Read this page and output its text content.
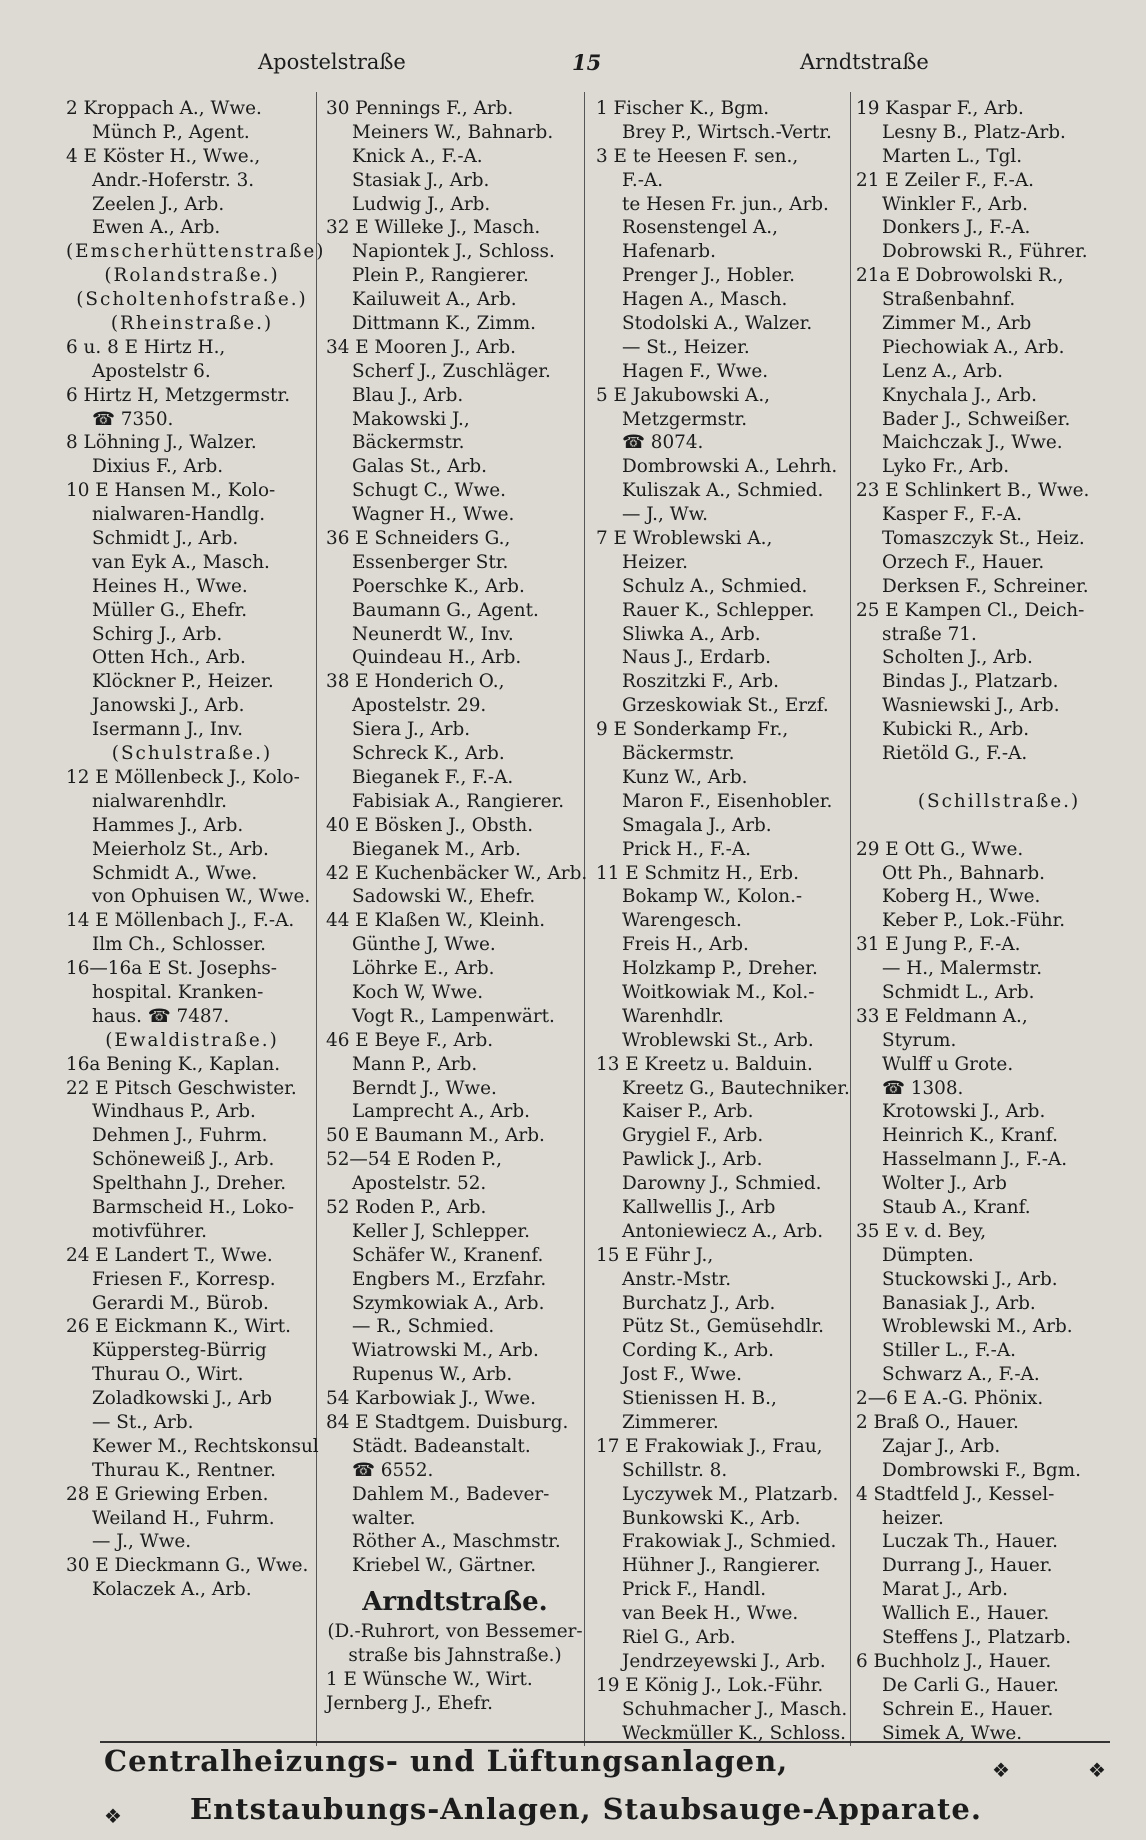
Apostelstraße	15	Arndtstraße
2 Kroppach A., Wwe.
Münch P., Agent.
4 E Köster H., Wwe.,
Andr.-Hoferstr. 3.
Zeelen J., Arb.
Ewen A., Arb.
(Emscherhüttenstraße)
(Rolandstraße.)
(Scholtenhofstraße.)
(Rheinstraße.)
6 u. 8 E Hirtz H.,
Apostelstr 6.
6 Hirtz H, Metzgermstr.
☎ 7350.
8 Löhning J., Walzer.
Dixius F., Arb.
10 E Hansen M., Kolo-
nialwaren-Handlg.
Schmidt J., Arb.
van Eyk A., Masch.
Heines H., Wwe.
Müller G., Ehefr.
Schirg J., Arb.
Otten Hch., Arb.
Klöckner P., Heizer.
Janowski J., Arb.
Isermann J., Inv.
(Schulstraße.)
12 E Möllenbeck J., Kolo-
nialwarenhdlr.
Hammes J., Arb.
Meierholz St., Arb.
Schmidt A., Wwe.
von Ophuisen W., Wwe.
14 E Möllenbach J., F.-A.
Ilm Ch., Schlosser.
16—16a E St. Josephs-
hospital. Kranken-
haus. ☎ 7487.
(Ewaldistraße.)
16a Bening K., Kaplan.
22 E Pitsch Geschwister.
Windhaus P., Arb.
Dehmen J., Fuhrm.
Schöneweiß J., Arb.
Spelthahn J., Dreher.
Barmscheid H., Loko-
motivführer.
24 E Landert T., Wwe.
Friesen F., Korresp.
Gerardi M., Bürob.
26 E Eickmann K., Wirt.
Küppersteg-Bürrig
Thurau O., Wirt.
Zoladkowski J., Arb
— St., Arb.
Kewer M., Rechtskonsul
Thurau K., Rentner.
28 E Griewing Erben.
Weiland H., Fuhrm.
— J., Wwe.
30 E Dieckmann G., Wwe.
Kolaczek A., Arb.
30 Pennings F., Arb.
Meiners W., Bahnarb.
Knick A., F.-A.
Stasiak J., Arb.
Ludwig J., Arb.
32 E Willeke J., Masch.
Napiontek J., Schloss.
Plein P., Rangierer.
Kailuweit A., Arb.
Dittmann K., Zimm.
34 E Mooren J., Arb.
Scherf J., Zuschläger.
Blau J., Arb.
Makowski J.,
Bäckermstr.
Galas St., Arb.
Schugt C., Wwe.
Wagner H., Wwe.
36 E Schneiders G.,
Essenberger Str.
Poerschke K., Arb.
Baumann G., Agent.
Neunerdt W., Inv.
Quindeau H., Arb.
38 E Honderich O.,
Apostelstr. 29.
Siera J., Arb.
Schreck K., Arb.
Bieganek F., F.-A.
Fabisiak A., Rangierer.
40 E Bösken J., Obsth.
Bieganek M., Arb.
42 E Kuchenbäcker W., Arb.
Sadowski W., Ehefr.
44 E Klaßen W., Kleinh.
Günthe J, Wwe.
Löhrke E., Arb.
Koch W, Wwe.
Vogt R., Lampenwärt.
46 E Beye F., Arb.
Mann P., Arb.
Berndt J., Wwe.
Lamprecht A., Arb.
50 E Baumann M., Arb.
52—54 E Roden P.,
Apostelstr. 52.
52 Roden P., Arb.
Keller J, Schlepper.
Schäfer W., Kranenf.
Engbers M., Erzfahr.
Szymkowiak A., Arb.
— R., Schmied.
Wiatrowski M., Arb.
Rupenus W., Arb.
54 Karbowiak J., Wwe.
84 E Stadtgem. Duisburg.
Städt. Badeanstalt.
☎ 6552.
Dahlem M., Badever-
walter.
Röther A., Maschmstr.
Kriebel W., Gärtner.
Arndtstraße.
(D.-Ruhrort, von Bessemer-
straße bis Jahnstraße.)
1 E Wünsche W., Wirt.
Jernberg J., Ehefr.
1 Fischer K., Bgm.
Brey P., Wirtsch.-Vertr.
3 E te Heesen F. sen.,
F.-A.
te Hesen Fr. jun., Arb.
Rosenstengel A.,
Hafenarb.
Prenger J., Hobler.
Hagen A., Masch.
Stodolski A., Walzer.
— St., Heizer.
Hagen F., Wwe.
5 E Jakubowski A.,
Metzgermstr.
☎ 8074.
Dombrowski A., Lehrh.
Kuliszak A., Schmied.
— J., Ww.
7 E Wroblewski A.,
Heizer.
Schulz A., Schmied.
Rauer K., Schlepper.
Sliwka A., Arb.
Naus J., Erdarb.
Roszitzki F., Arb.
Grzeskowiak St., Erzf.
9 E Sonderkamp Fr.,
Bäckermstr.
Kunz W., Arb.
Maron F., Eisenhobler.
Smagala J., Arb.
Prick H., F.-A.
11 E Schmitz H., Erb.
Bokamp W., Kolon.-
Warengesch.
Freis H., Arb.
Holzkamp P., Dreher.
Woitkowiak M., Kol.-
Warenhdlr.
Wroblewski St., Arb.
13 E Kreetz u. Balduin.
Kreetz G., Bautechniker.
Kaiser P., Arb.
Grygiel F., Arb.
Pawlick J., Arb.
Darowny J., Schmied.
Kallwellis J., Arb
Antoniewiecz A., Arb.
15 E Führ J.,
Anstr.-Mstr.
Burchatz J., Arb.
Pütz St., Gemüsehdlr.
Cording K., Arb.
Jost F., Wwe.
Stienissen H. B.,
Zimmerer.
17 E Frakowiak J., Frau,
Schillstr. 8.
Lyczywek M., Platzarb.
Bunkowski K., Arb.
Frakowiak J., Schmied.
Hühner J., Rangierer.
Prick F., Handl.
van Beek H., Wwe.
Riel G., Arb.
Jendrzeyewski J., Arb.
19 E König J., Lok.-Führ.
Schuhmacher J., Masch.
Weckmüller K., Schloss.
19 Kaspar F., Arb.
Lesny B., Platz-Arb.
Marten L., Tgl.
21 E Zeiler F., F.-A.
Winkler F., Arb.
Donkers J., F.-A.
Dobrowski R., Führer.
21a E Dobrowolski R.,
Straßenbahnf.
Zimmer M., Arb
Piechowiak A., Arb.
Lenz A., Arb.
Knychala J., Arb.
Bader J., Schweißer.
Maichczak J., Wwe.
Lyko Fr., Arb.
23 E Schlinkert B., Wwe.
Kasper F., F.-A.
Tomaszczyk St., Heiz.
Orzech F., Hauer.
Derksen F., Schreiner.
25 E Kampen Cl., Deich-
straße 71.
Scholten J., Arb.
Bindas J., Platzarb.
Wasniewski J., Arb.
Kubicki R., Arb.
Rietöld G., F.-A.
(Schillstraße.)
29 E Ott G., Wwe.
Ott Ph., Bahnarb.
Koberg H., Wwe.
Keber P., Lok.-Führ.
31 E Jung P., F.-A.
— H., Malermstr.
Schmidt L., Arb.
33 E Feldmann A.,
Styrum.
Wulff u Grote.
☎ 1308.
Krotowski J., Arb.
Heinrich K., Kranf.
Hasselmann J., F.-A.
Wolter J., Arb
Staub A., Kranf.
35 E v. d. Bey,
Dümpten.
Stuckowski J., Arb.
Banasiak J., Arb.
Wroblewski M., Arb.
Stiller L., F.-A.
Schwarz A., F.-A.
2—6 E A.-G. Phönix.
2 Braß O., Hauer.
Zajar J., Arb.
Dombrowski F., Bgm.
4 Stadtfeld J., Kessel-
heizer.
Luczak Th., Hauer.
Durrang J., Hauer.
Marat J., Arb.
Wallich E., Hauer.
Steffens J., Platzarb.
6 Buchholz J., Hauer.
De Carli G., Hauer.
Schrein E., Hauer.
Simek A, Wwe.
Centralheizungs- und Lüftungsanlagen,	❖	❖
❖ Entstaubungs-Anlagen, Staubsauge-Apparate.
